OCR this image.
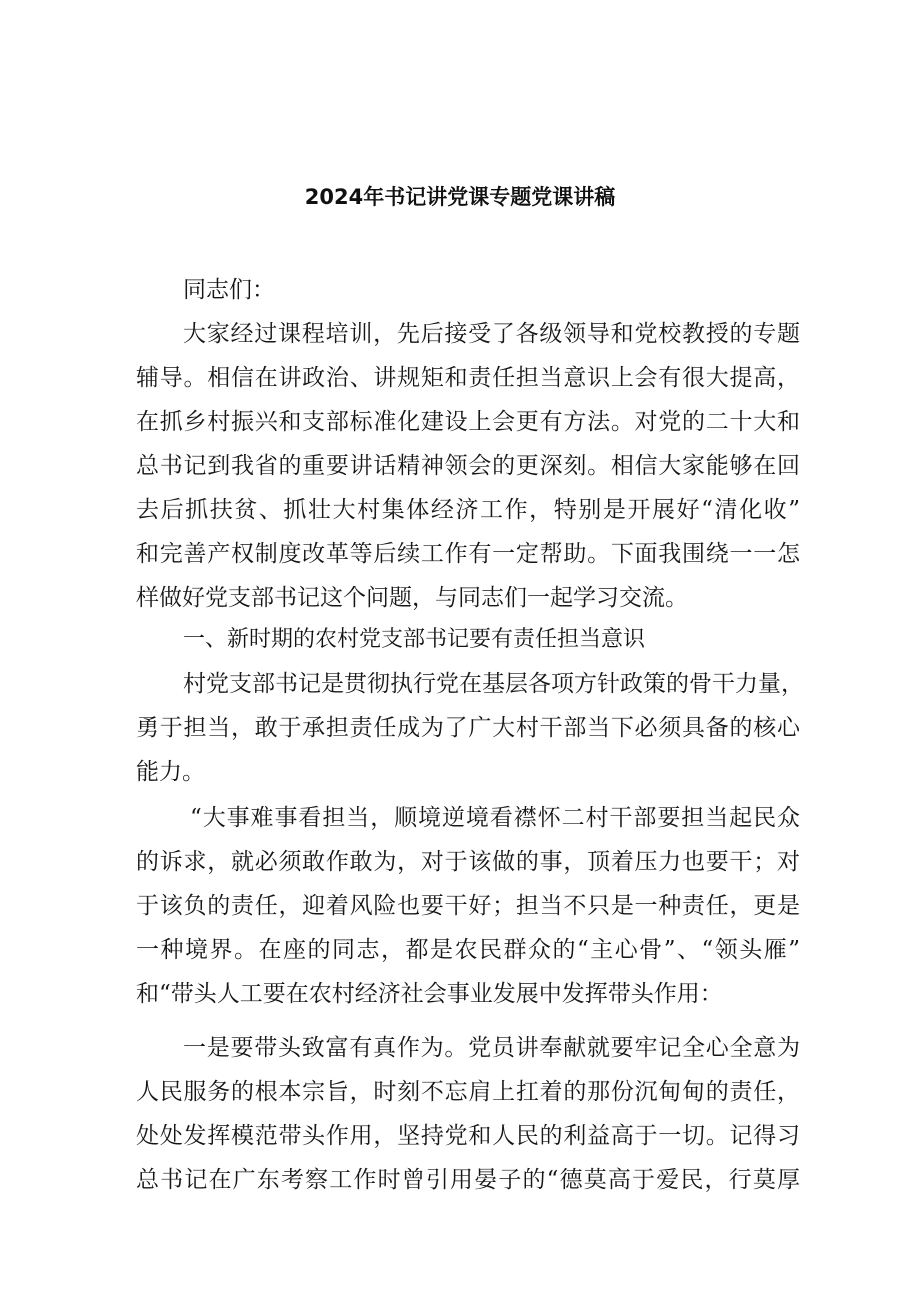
2024年书记讲党课专题党课讲稿
同志们：
大家经过课程培训，先后接受了各级领导和党校教授的专题
辅导。相信在讲政治、讲规矩和责任担当意识上会有很大提高，
在抓乡村振兴和支部标准化建设上会更有方法。对党的二十大和
总书记到我省的重要讲话精神领会的更深刻。相信大家能够在回
去后抓扶贫、抓壮大村集体经济工作，特别是开展好“清化收”
和完善产权制度改革等后续工作有一定帮助。下面我围绕一一怎
样做好党支部书记这个问题，与同志们一起学习交流。
一、新时期的农村党支部书记要有责任担当意识
村党支部书记是贯彻执行党在基层各项方针政策的骨干力量，
勇于担当，敢于承担责任成为了广大村干部当下必须具备的核心
能力。
“大事难事看担当，顺境逆境看襟怀二村干部要担当起民众
的诉求，就必须敢作敢为，对于该做的事，顶着压力也要干；对
于该负的责任，迎着风险也要干好；担当不只是一种责任，更是
一种境界。在座的同志，都是农民群众的“主心骨”、“领头雁”
和“带头人工要在农村经济社会事业发展中发挥带头作用：
一是要带头致富有真作为。党员讲奉献就要牢记全心全意为
人民服务的根本宗旨，时刻不忘肩上扛着的那份沉甸甸的责任，
处处发挥模范带头作用，坚持党和人民的利益高于一切。记得习
总书记在广东考察工作时曾引用晏子的“德莫高于爱民，行莫厚
